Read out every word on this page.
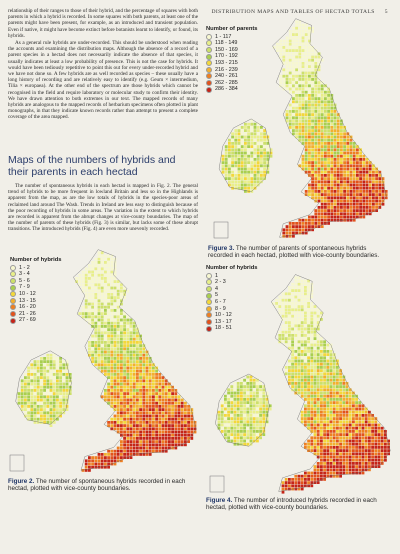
DISTRIBUTION MAPS AND TABLES OF HECTAD TOTALS 5

relationship of their ranges to those of their hybrid, and the percentage of squares with both parents in which a hybrid is recorded. In some squares with both parents, at least one of the parents might have been present, for example, as an introduced and transient population. Even if native, it might have become extinct before botanists learnt to identify, or found, its hybrids.

As a general rule hybrids are under-recorded. This should be understood when reading the accounts and examining the distribution maps. Although the absence of a record of a parent species in a hectad does not necessarily indicate the absence of that species, it usually indicates at least a low probability of presence. This is not the case for hybrids. It would have been tediously repetitive to point this out for every under-recorded hybrid and we have not done so. A few hybrids are as well recorded as species – these usually have a long history of recording and are relatively easy to identify (e.g. Geum × intermedium, Tilia × europaea). At the other end of the spectrum are those hybrids which cannot be recognised in the field and require laboratory or molecular study to confirm their identity. We have drawn attention to both extremes in our text. The mapped records of many hybrids are analogous to the mapped records of herbarium specimens often plotted in plant monographs, in that they indicate known records rather than attempt to present a complete coverage of the area mapped.

Maps of the numbers of hybrids and their parents in each hectad

The number of spontaneous hybrids in each hectad is mapped in Fig. 2. The general trend of hybrids to be more frequent in lowland Britain and less so in the Highlands is apparent from the map, as are the low totals of hybrids in the species-poor areas of reclaimed land around The Wash. Trends in Ireland are less easy to distinguish because of the poor recording of hybrids in some areas. The variation in the extent to which hybrids are recorded is apparent from the abrupt changes at vice-county boundaries. The map of the number of parents of these hybrids (Fig. 3) is similar, but lacks some of these abrupt transitions. The introduced hybrids (Fig. 4) are even more unevenly recorded.

Number of parents
1 - 117
118 - 149
150 - 169
170 - 192
193 - 215
216 - 239
240 - 261
262 - 285
286 - 384
Figure 3. The number of parents of spontaneous hybrids recorded in each hectad, plotted with vice-county boundaries.
Number of hybrids
1 - 2
3 - 4
5 - 6
7 - 9
10 - 12
13 - 15
16 - 20
21 - 26
27 - 69
Figure 2. The number of spontaneous hybrids recorded in each hectad, plotted with vice-county boundaries.
Number of hybrids
1
2 - 3
4
5
6 - 7
8 - 9
10 - 12
13 - 17
18 - 51
Figure 4. The number of introduced hybrids recorded in each hectad, plotted with vice-county boundaries.
